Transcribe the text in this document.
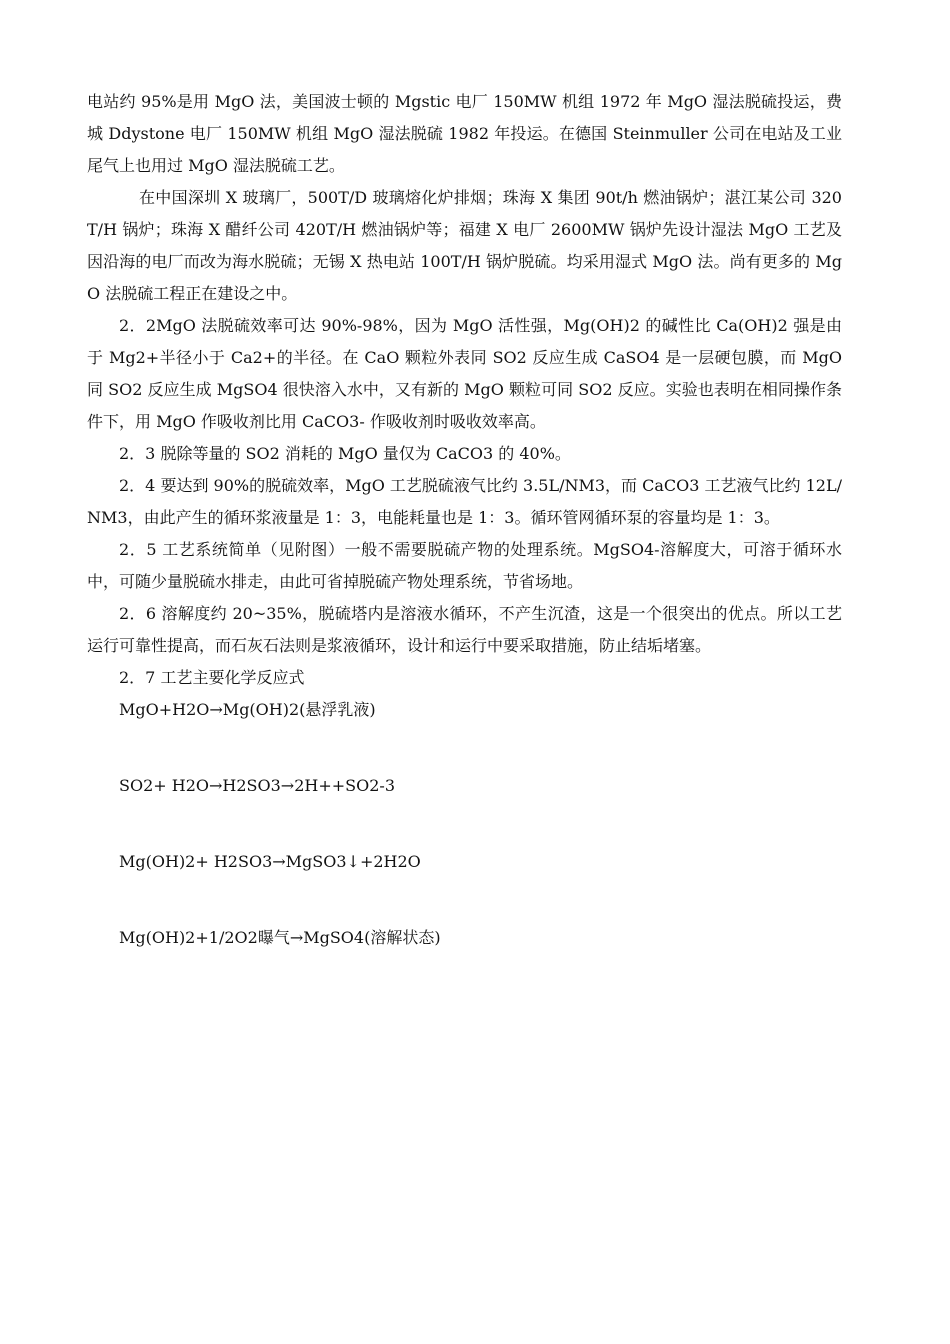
电站约 95%是用 MgO 法，美国波士顿的 Mgstic 电厂 150MW 机组 1972 年 MgO 湿法脱硫投运，费城 Ddystone 电厂 150MW 机组 MgO 湿法脱硫 1982 年投运。在德国 Steinmuller 公司在电站及工业尾气上也用过 MgO 湿法脱硫工艺。

在中国深圳 X 玻璃厂，500T/D 玻璃熔化炉排烟；珠海 X 集团 90t/h 燃油锅炉；湛江某公司 320T/H 锅炉；珠海 X 醋纤公司 420T/H 燃油锅炉等；福建 X 电厂 2600MW 锅炉先设计湿法 MgO 工艺及因沿海的电厂而改为海水脱硫；无锡 X 热电站 100T/H 锅炉脱硫。均采用湿式 MgO 法。尚有更多的 MgO 法脱硫工程正在建设之中。

2．2MgO 法脱硫效率可达 90%-98%，因为 MgO 活性强，Mg(OH)2 的碱性比 Ca(OH)2 强是由于 Mg2+半径小于 Ca2+的半径。在 CaO 颗粒外表同 SO2 反应生成 CaSO4 是一层硬包膜，而 MgO 同 SO2 反应生成 MgSO4 很快溶入水中，又有新的 MgO 颗粒可同 SO2 反应。实验也表明在相同操作条件下，用 MgO 作吸收剂比用 CaCO3- 作吸收剂时吸收效率高。

2．3 脱除等量的 SO2 消耗的 MgO 量仅为 CaCO3 的 40%。

2．4 要达到 90%的脱硫效率，MgO 工艺脱硫液气比约 3.5L/NM3，而 CaCO3 工艺液气比约 12L/NM3，由此产生的循环浆液量是 1：3，电能耗量也是 1：3。循环管网循环泵的容量均是 1：3。

2．5 工艺系统简单（见附图）一般不需要脱硫产物的处理系统。MgSO4-溶解度大，可溶于循环水中，可随少量脱硫水排走，由此可省掉脱硫产物处理系统，节省场地。

2．6 溶解度约 20~35%，脱硫塔内是溶液水循环，不产生沉渣，这是一个很突出的优点。所以工艺运行可靠性提高，而石灰石法则是浆液循环，设计和运行中要采取措施，防止结垢堵塞。

2．7 工艺主要化学反应式

MgO+H2O→Mg(OH)2(悬浮乳液)

SO2+ H2O→H2SO3→2H++SO2-3

Mg(OH)2+ H2SO3→MgSO3↓+2H2O

Mg(OH)2+1/2O2曝气→MgSO4(溶解状态)
